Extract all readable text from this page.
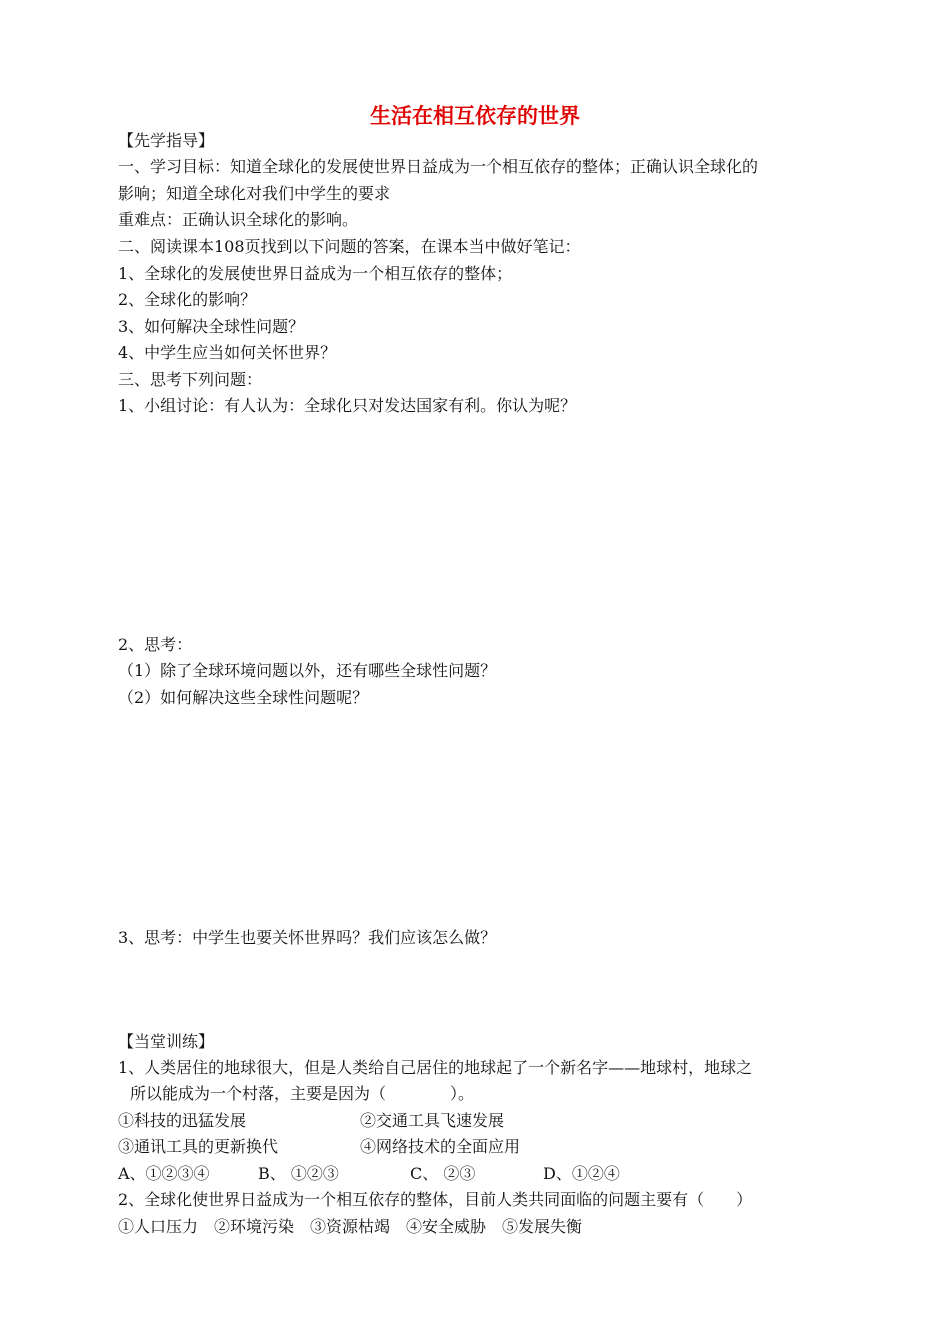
生活在相互依存的世界
【先学指导】
一、学习目标：知道全球化的发展使世界日益成为一个相互依存的整体；正确认识全球化的
影响；知道全球化对我们中学生的要求
重难点：正确认识全球化的影响。
二、阅读课本108页找到以下问题的答案，在课本当中做好笔记：
1、全球化的发展使世界日益成为一个相互依存的整体；
2、全球化的影响？
3、如何解决全球性问题？
4、中学生应当如何关怀世界？
三、思考下列问题：
1、小组讨论：有人认为：全球化只对发达国家有利。你认为呢？
2、思考：
（1）除了全球环境问题以外，还有哪些全球性问题？
（2）如何解决这些全球性问题呢？
3、思考：中学生也要关怀世界吗？我们应该怎么做？
【当堂训练】
1、人类居住的地球很大，但是人类给自己居住的地球起了一个新名字——地球村，地球之
所以能成为一个村落，主要是因为（　　　　）。
①科技的迅猛发展	②交通工具飞速发展
③通讯工具的更新换代	④网络技术的全面应用
A、①②③④	B、 ①②③	C、 ②③	D、①②④
2、全球化使世界日益成为一个相互依存的整体，目前人类共同面临的问题主要有（　　）
①人口压力　②环境污染　③资源枯竭　④安全威胁　⑤发展失衡
